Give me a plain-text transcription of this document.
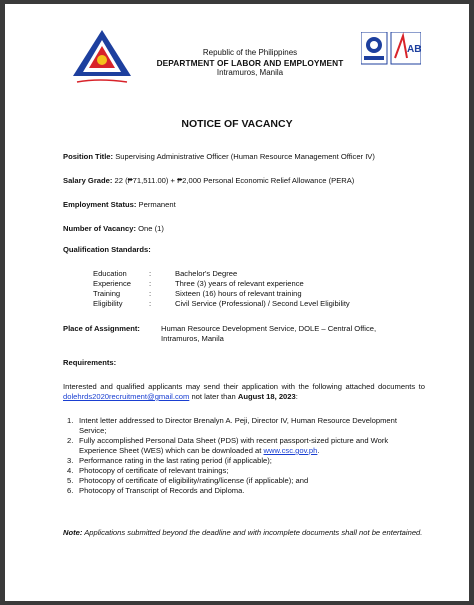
Republic of the Philippines
DEPARTMENT OF LABOR AND EMPLOYMENT
Intramuros, Manila
AB
NOTICE OF VACANCY
Position Title: Supervising Administrative Officer (Human Resource Management Officer IV)
Salary Grade: 22 (₱71,511.00) + ₱2,000 Personal Economic Relief Allowance (PERA)
Employment Status: Permanent
Number of Vacancy: One (1)
Qualification Standards:
Education	:	Bachelor's Degree
Experience :	Three (3) years of relevant experience
Training	:	Sixteen (16) hours of relevant training
Eligibility	:	Civil Service (Professional) / Second Level Eligibility
Place of Assignment:	Human Resource Development Service, DOLE – Central Office, Intramuros, Manila
Requirements:
Interested and qualified applicants may send their application with the following attached documents to dolehrds2020recruitment@gmail.com not later than August 18, 2023:
1. Intent letter addressed to Director Brenalyn A. Peji, Director IV, Human Resource Development Service;
2. Fully accomplished Personal Data Sheet (PDS) with recent passport-sized picture and Work Experience Sheet (WES) which can be downloaded at www.csc.gov.ph.
3. Performance rating in the last rating period (if applicable);
4. Photocopy of certificate of relevant trainings;
5. Photocopy of certificate of eligibility/rating/license (if applicable); and
6. Photocopy of Transcript of Records and Diploma.
Note: Applications submitted beyond the deadline and with incomplete documents shall not be entertained.
